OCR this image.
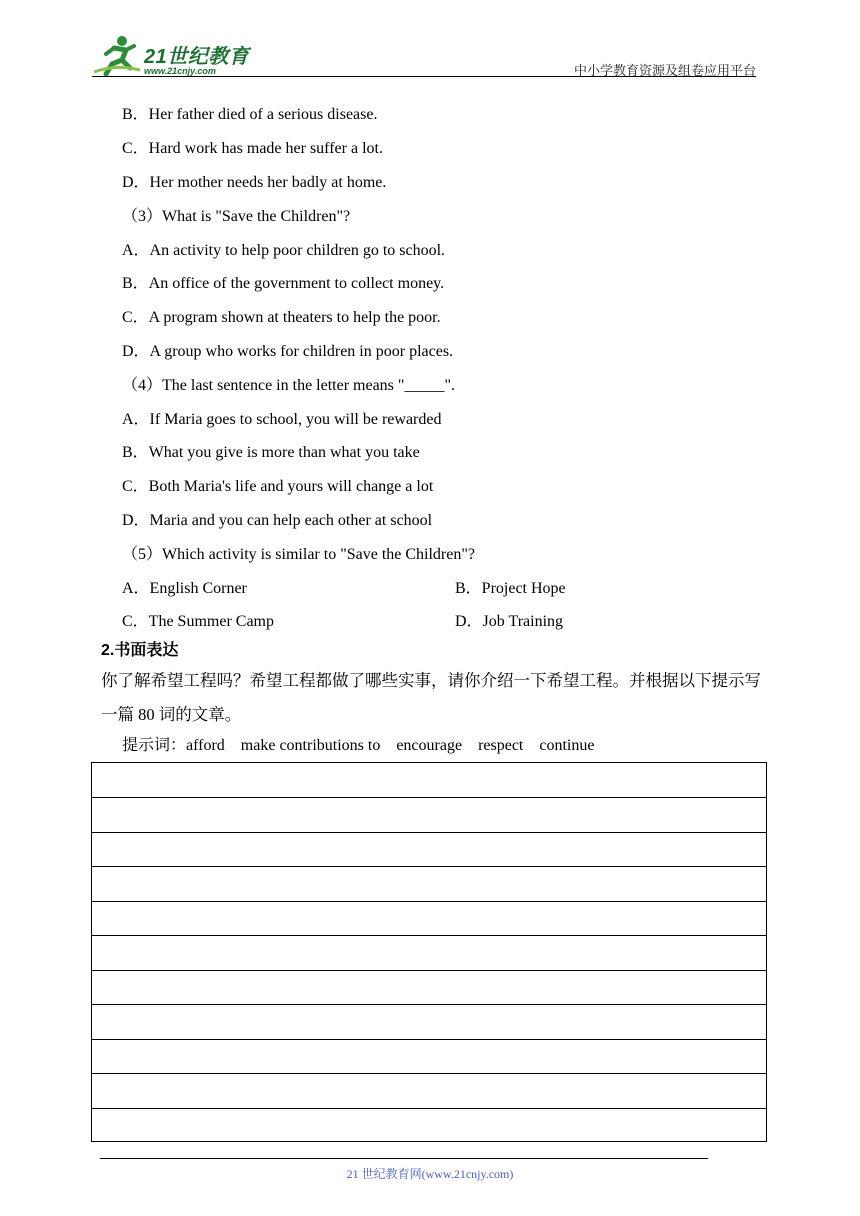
21世纪教育
www.21cnjy.com	中小学教育资源及组卷应用平台
B．Her father died of a serious disease.
C．Hard work has made her suffer a lot.
D．Her mother needs her badly at home.
（3）What is "Save the Children"?
A．An activity to help poor children go to school.
B．An office of the government to collect money.
C．A program shown at theaters to help the poor.
D．A group who works for children in poor places.
（4）The last sentence in the letter means "_____".
A．If Maria goes to school, you will be rewarded
B．What you give is more than what you take
C．Both Maria's life and yours will change a lot
D．Maria and you can help each other at school
（5）Which activity is similar to "Save the Children"?
A．English Corner	B．Project Hope
C．The Summer Camp	D．Job Training
2.书面表达
你了解希望工程吗？希望工程都做了哪些实事，请你介绍一下希望工程。并根据以下提示写一篇 80 词的文章。
提示词：afford    make contributions to    encourage    respect    continue
21 世纪教育网(www.21cnjy.com)
